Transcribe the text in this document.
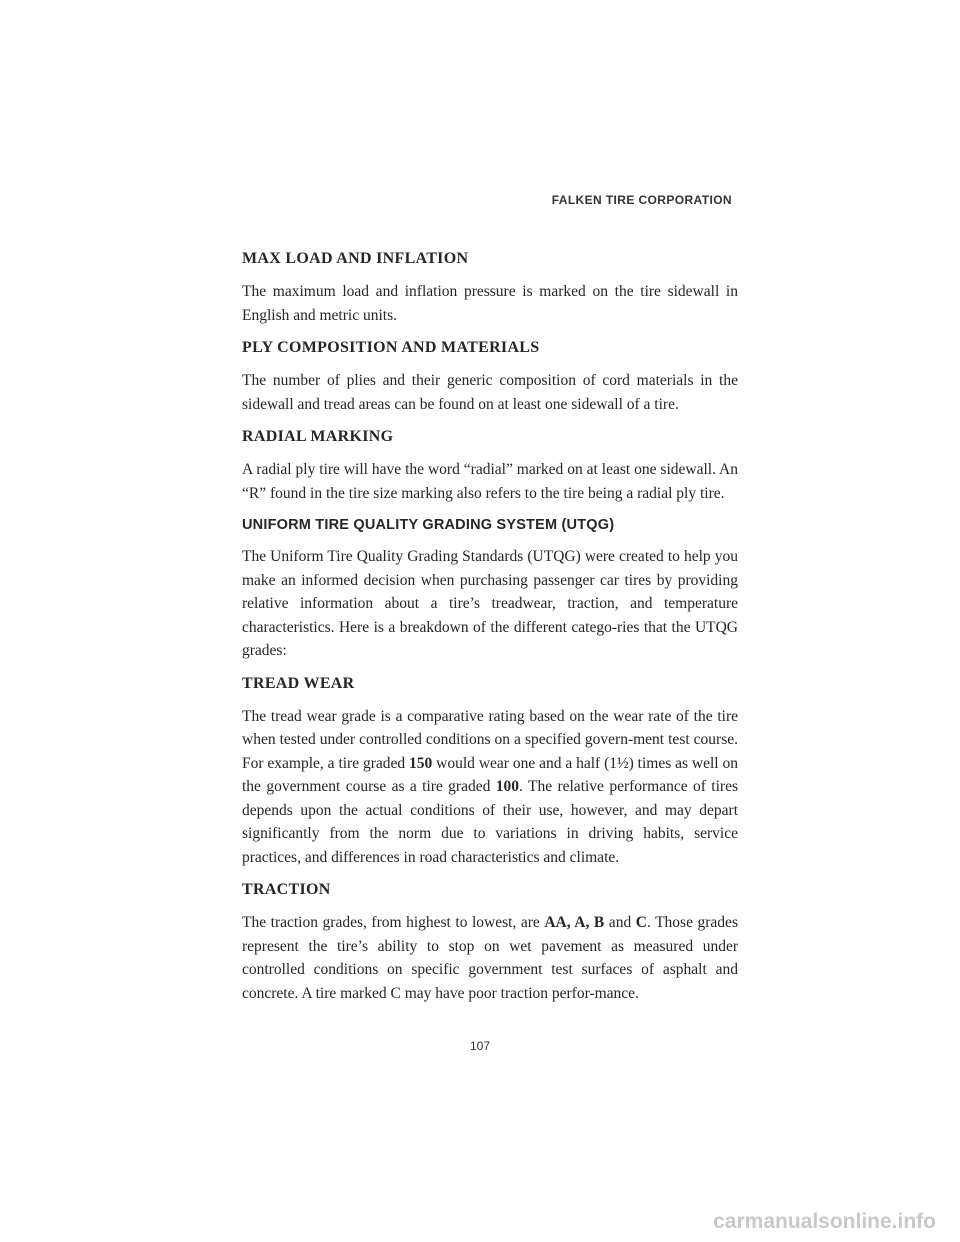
FALKEN TIRE CORPORATION
MAX LOAD AND INFLATION

The maximum load and inflation pressure is marked on the tire sidewall in English and metric units.

PLY COMPOSITION AND MATERIALS

The number of plies and their generic composition of cord materials in the sidewall and tread areas can be found on at least one sidewall of a tire.

RADIAL MARKING

A radial ply tire will have the word “radial” marked on at least one sidewall. An “R” found in the tire size marking also refers to the tire being a radial ply tire.

UNIFORM TIRE QUALITY GRADING SYSTEM (UTQG)

The Uniform Tire Quality Grading Standards (UTQG) were created to help you make an informed decision when purchasing passenger car tires by providing relative information about a tire’s treadwear, traction, and temperature characteristics. Here is a breakdown of the different catego-ries that the UTQG grades:

TREAD WEAR

The tread wear grade is a comparative rating based on the wear rate of the tire when tested under controlled conditions on a specified govern-ment test course. For example, a tire graded 150 would wear one and a half (1½) times as well on the government course as a tire graded 100. The relative performance of tires depends upon the actual conditions of their use, however, and may depart significantly from the norm due to variations in driving habits, service practices, and differences in road characteristics and climate.

TRACTION

The traction grades, from highest to lowest, are AA, A, B and C. Those grades represent the tire’s ability to stop on wet pavement as measured under controlled conditions on specific government test surfaces of asphalt and concrete. A tire marked C may have poor traction perfor-mance.

107
carmanualsonline.info
